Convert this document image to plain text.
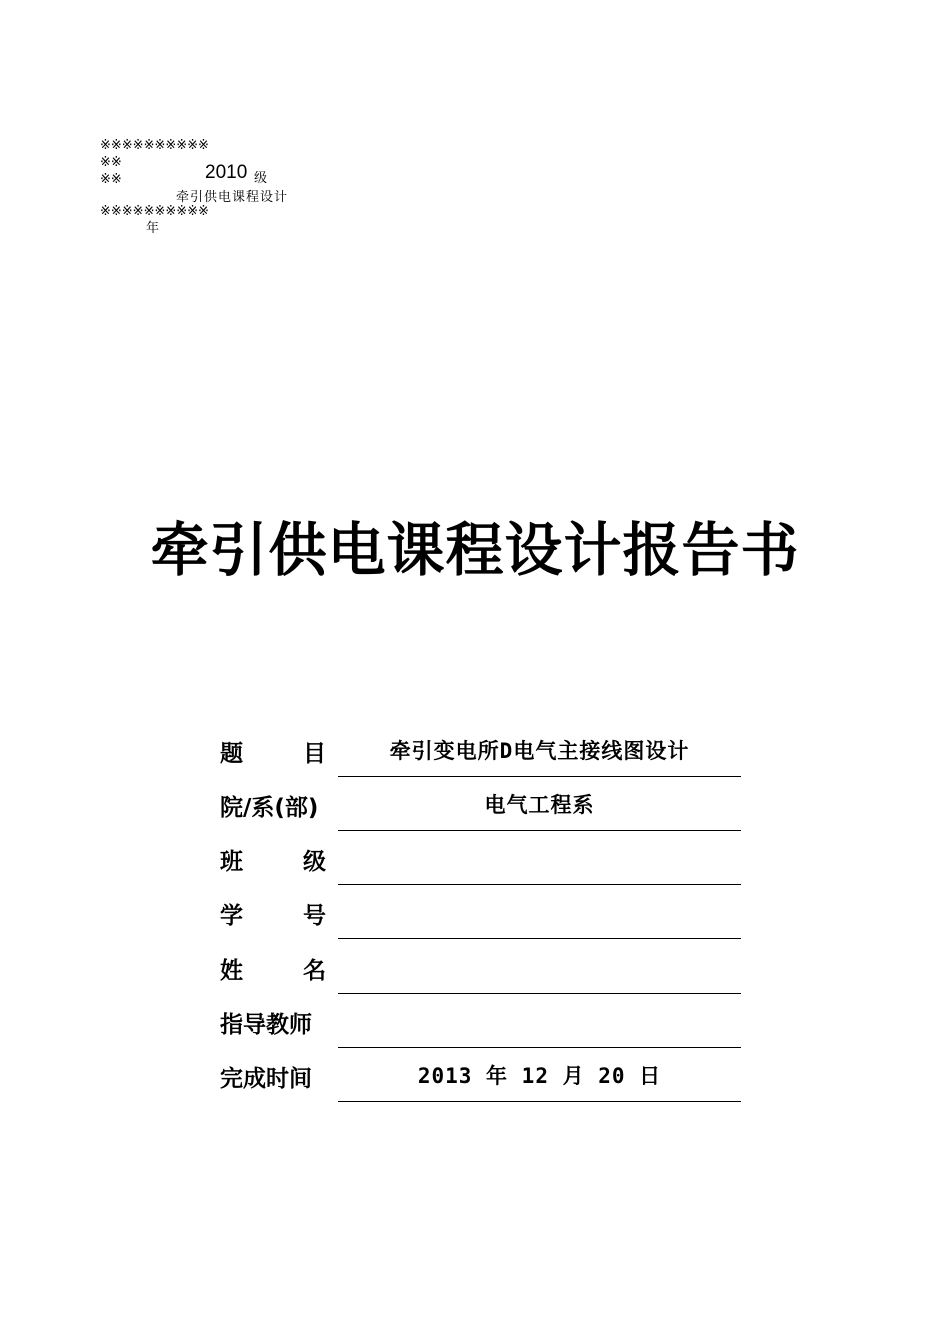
※※※※※※※※※※
※※	2010 级
※※
牵引供电课程设计
※※※※※※※※※※
年
牵引供电课程设计报告书
题	目	牵引变电所D电气主接线图设计
院/系(部)	电气工程系
班	级
学	号
姓	名
指导教师
完成时间	2013 年 12 月 20 日
